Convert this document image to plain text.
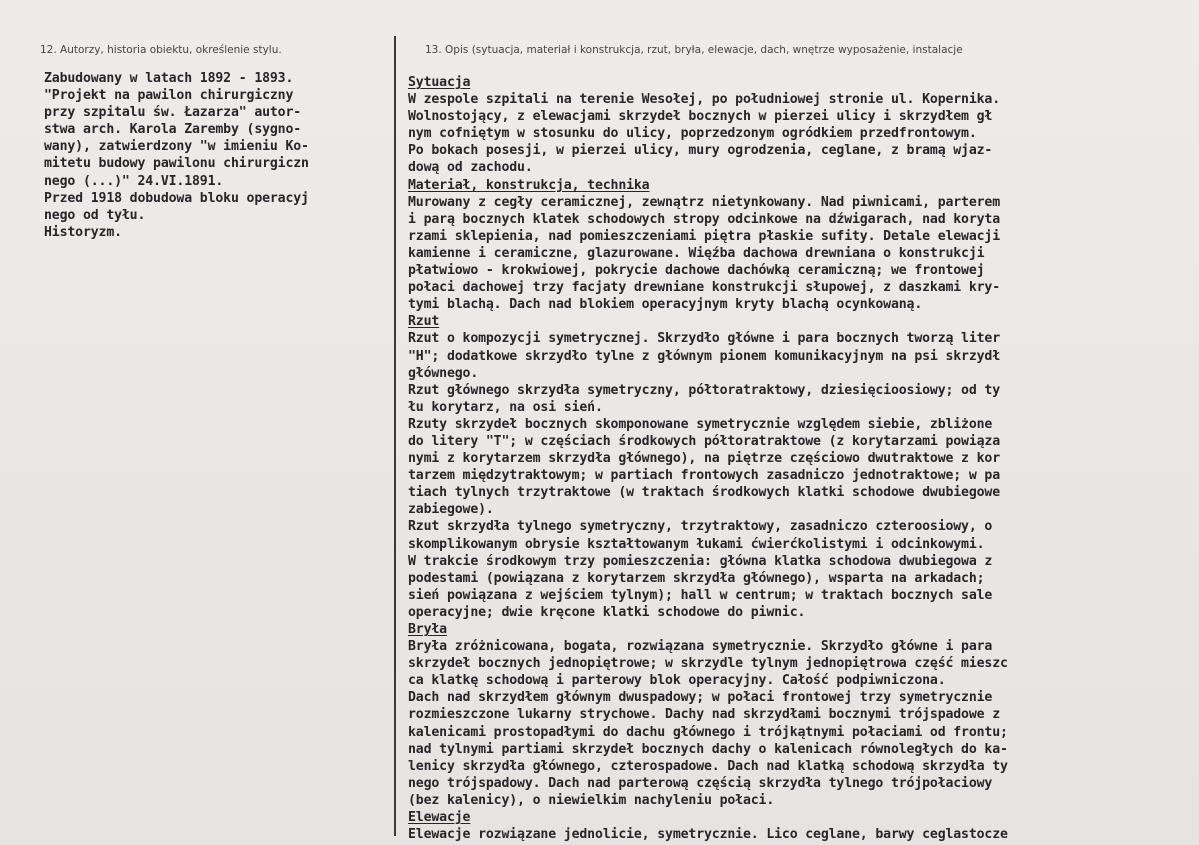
12. Autorzy, historia obiektu, określenie stylu.	13. Opis (sytuacja, materiał i konstrukcja, rzut, bryła, elewacje, dach, wnętrze wyposażenie, instalacje
Zabudowany w latach 1892 - 1893.
"Projekt na pawilon chirurgiczny
przy szpitalu św. Łazarza" autor-
stwa arch. Karola Zaremby (sygno-
wany), zatwierdzony "w imieniu Ko-
mitetu budowy pawilonu chirurgiczn
nego (...)" 24.VI.1891.
Przed 1918 dobudowa bloku operacyj
nego od tyłu.
Historyzm.
Sytuacja
W zespole szpitali na terenie Wesołej, po południowej stronie ul. Kopernika.
Wolnostojący, z elewacjami skrzydeł bocznych w pierzei ulicy i skrzydłem gł
nym cofniętym w stosunku do ulicy, poprzedzonym ogródkiem przedfrontowym.
Po bokach posesji, w pierzei ulicy, mury ogrodzenia, ceglane, z bramą wjaz-
dową od zachodu.
Materiał, konstrukcja, technika
Murowany z cegły ceramicznej, zewnątrz nietynkowany. Nad piwnicami, parterem
i parą bocznych klatek schodowych stropy odcinkowe na dźwigarach, nad koryta
rzami sklepienia, nad pomieszczeniami piętra płaskie sufity. Detale elewacji
kamienne i ceramiczne, glazurowane. Więźba dachowa drewniana o konstrukcji
płatwiowo - krokwiowej, pokrycie dachowe dachówką ceramiczną; we frontowej
połaci dachowej trzy facjaty drewniane konstrukcji słupowej, z daszkami kry-
tymi blachą. Dach nad blokiem operacyjnym kryty blachą ocynkowaną.
Rzut
Rzut o kompozycji symetrycznej. Skrzydło główne i para bocznych tworzą liter
"H"; dodatkowe skrzydło tylne z głównym pionem komunikacyjnym na psi skrzydł
głównego.
Rzut głównego skrzydła symetryczny, półtoratraktowy, dziesięcioosiowy; od ty
łu korytarz, na osi sień.
Rzuty skrzydeł bocznych skomponowane symetrycznie względem siebie, zbliżone
do litery "T"; w częściach środkowych półtoratraktowe (z korytarzami powiąza
nymi z korytarzem skrzydła głównego), na piętrze częściowo dwutraktowe z kor
tarzem międzytraktowym; w partiach frontowych zasadniczo jednotraktowe; w pa
tiach tylnych trzytraktowe (w traktach środkowych klatki schodowe dwubiegowe
zabiegowe).
Rzut skrzydła tylnego symetryczny, trzytraktowy, zasadniczo czteroosiowy, o
skomplikowanym obrysie kształtowanym łukami ćwierćkolistymi i odcinkowymi.
W trakcie środkowym trzy pomieszczenia: główna klatka schodowa dwubiegowa z
podestami (powiązana z korytarzem skrzydła głównego), wsparta na arkadach;
sień powiązana z wejściem tylnym); hall w centrum; w traktach bocznych sale
operacyjne; dwie kręcone klatki schodowe do piwnic.
Bryła
Bryła zróżnicowana, bogata, rozwiązana symetrycznie. Skrzydło główne i para
skrzydeł bocznych jednopiętrowe; w skrzydle tylnym jednopiętrowa część mieszc
ca klatkę schodową i parterowy blok operacyjny. Całość podpiwniczona.
Dach nad skrzydłem głównym dwuspadowy; w połaci frontowej trzy symetrycznie
rozmieszczone lukarny strychowe. Dachy nad skrzydłami bocznymi trójspadowe z
kalenicami prostopadłymi do dachu głównego i trójkątnymi połaciami od frontu;
nad tylnymi partiami skrzydeł bocznych dachy o kalenicach równoległych do ka-
lenicy skrzydła głównego, czterospadowe. Dach nad klatką schodową skrzydła ty
nego trójspadowy. Dach nad parterową częścią skrzydła tylnego trójpołaciowy
(bez kalenicy), o niewielkim nachyleniu połaci.
Elewacje
Elewacje rozwiązane jednolicie, symetrycznie. Lico ceglane, barwy ceglastocze
